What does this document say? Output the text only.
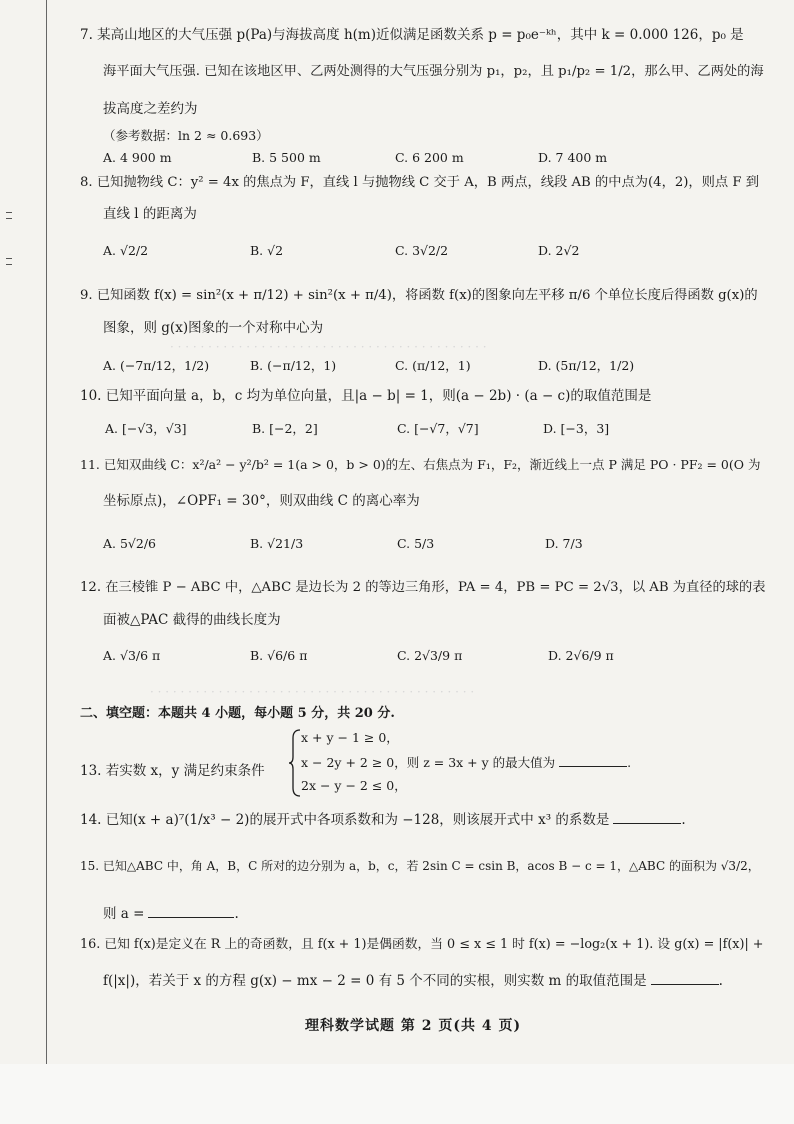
7. 某高山地区的大气压强 p(Pa)与海拔高度 h(m)近似满足函数关系 p = p₀e⁻ᵏʰ，其中 k = 0.000 126，p₀ 是
海平面大气压强. 已知在该地区甲、乙两处测得的大气压强分别为 p₁，p₂，且 p₁/p₂ = 1/2，那么甲、乙两处的海
拔高度之差约为
（参考数据：ln 2 ≈ 0.693）
A. 4 900 m	B. 5 500 m	C. 6 200 m	D. 7 400 m
8. 已知抛物线 C：y² = 4x 的焦点为 F，直线 l 与抛物线 C 交于 A，B 两点，线段 AB 的中点为(4，2)，则点 F 到
直线 l 的距离为
A. √2/2	B. √2	C. 3√2/2	D. 2√2
9. 已知函数 f(x) = sin²(x + π/12) + sin²(x + π/4)，将函数 f(x)的图象向左平移 π/6 个单位长度后得函数 g(x)的
图象，则 g(x)图象的一个对称中心为
· · · · · · · · · · · · · · · · · · · · · · · · · · · · · · · · · · · · · · · · · ·
A. (−7π/12，1/2)	B. (−π/12，1)	C. (π/12，1)	D. (5π/12，1/2)
10. 已知平面向量 a，b，c 均为单位向量，且|a − b| = 1，则(a − 2b) · (a − c)的取值范围是
A. [−√3，√3]	B. [−2，2]	C. [−√7，√7]	D. [−3，3]
11. 已知双曲线 C：x²/a² − y²/b² = 1(a > 0，b > 0)的左、右焦点为 F₁，F₂，渐近线上一点 P 满足 PO · PF₂ = 0(O 为
坐标原点)，∠OPF₁ = 30°，则双曲线 C 的离心率为
A. 5√2/6	B. √21/3	C. 5/3	D. 7/3
12. 在三棱锥 P − ABC 中，△ABC 是边长为 2 的等边三角形，PA = 4，PB = PC = 2√3，以 AB 为直径的球的表
面被△PAC 截得的曲线长度为
A. √3/6 π	B. √6/6 π	C. 2√3/9 π	D. 2√6/9 π
· · · · · · · · · · · · · · · · · · · · · · · · · · · · · · · · · · · · · · · · · · ·
二、填空题：本题共 4 小题，每小题 5 分，共 20 分.
13. 若实数 x，y 满足约束条件
x + y − 1 ≥ 0，
x − 2y + 2 ≥ 0，则 z = 3x + y 的最大值为	.
2x − y − 2 ≤ 0，
14. 已知(x + a)⁷(1/x³ − 2)的展开式中各项系数和为 −128，则该展开式中 x³ 的系数是	.
15. 已知△ABC 中，角 A，B，C 所对的边分别为 a，b，c，若 2sin C = csin B，acos B − c = 1，△ABC 的面积为 √3/2，
则 a =	.
16. 已知 f(x)是定义在 R 上的奇函数，且 f(x + 1)是偶函数，当 0 ≤ x ≤ 1 时 f(x) = −log₂(x + 1). 设 g(x) = |f(x)| +
f(|x|)，若关于 x 的方程 g(x) − mx − 2 = 0 有 5 个不同的实根，则实数 m 的取值范围是	.
理科数学试题 第 2 页(共 4 页)
